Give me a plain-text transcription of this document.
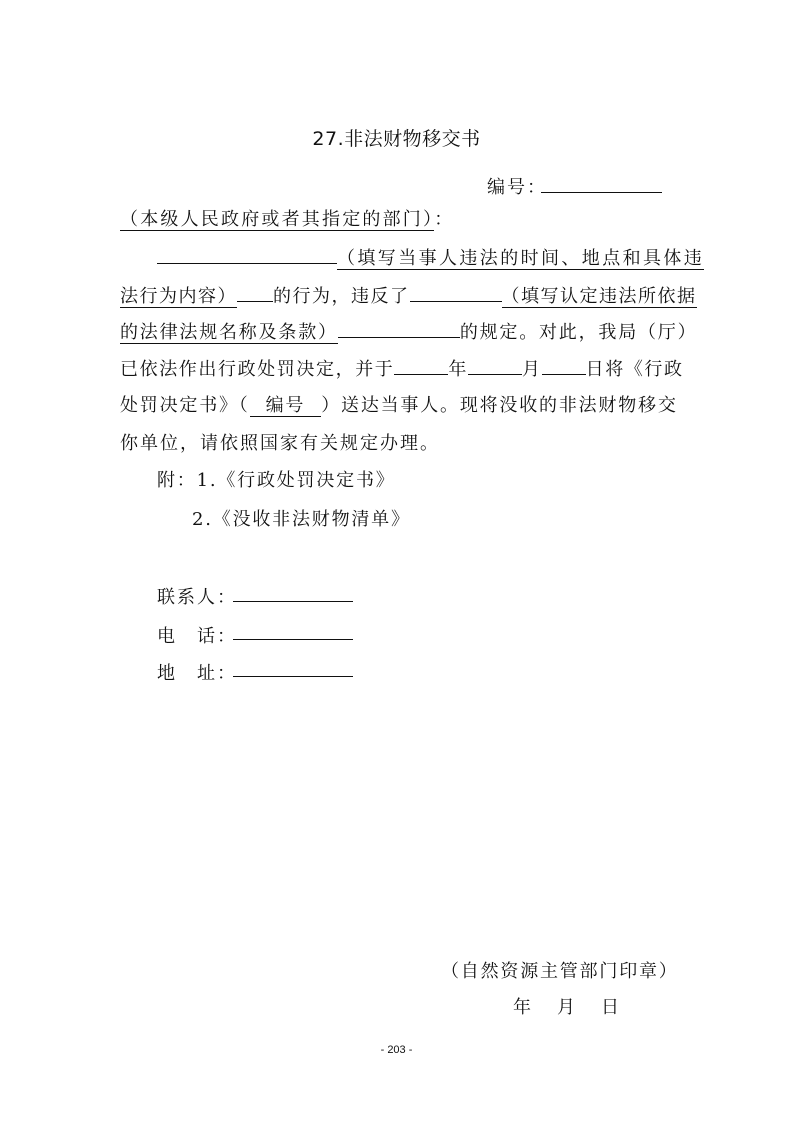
27.非法财物移交书
编号：
（本级人民政府或者其指定的部门）：
（填写当事人违法的时间、地点和具体违
法行为内容） 的行为，违反了	（填写认定违法所依据
的法律法规名称及条款）	的规定。对此，我局（厅）
已依法作出行政处罚决定，并于	年	月 日将《行政
处罚决定书》（ 编号 ）送达当事人。现将没收的非法财物移交
你单位，请依照国家有关规定办理。
附：1.《行政处罚决定书》
2.《没收非法财物清单》
联系人：
电　话：
地　址：
（自然资源主管部门印章）
年　月　日
- 203 -
